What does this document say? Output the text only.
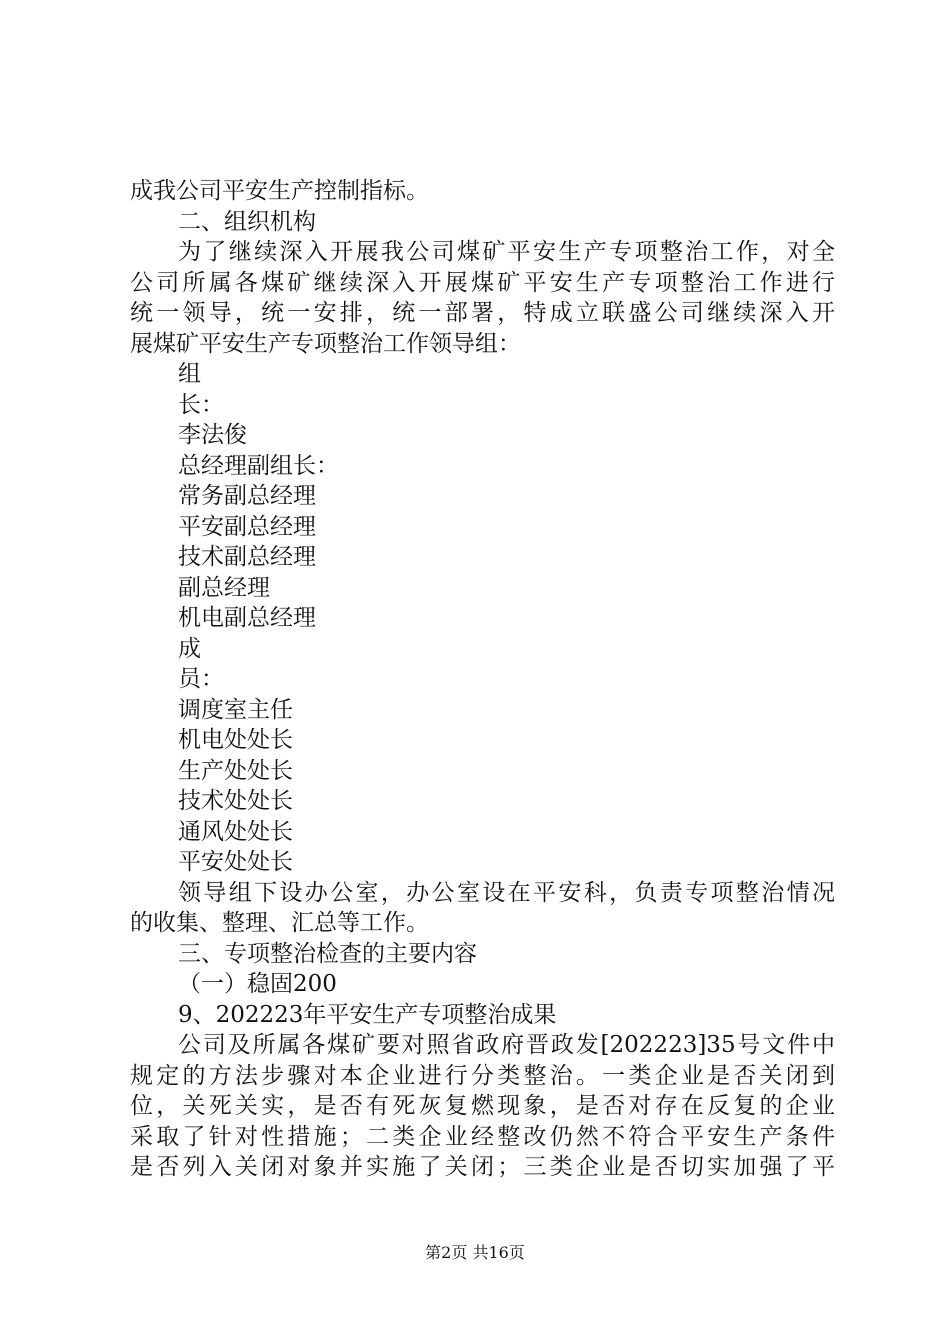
成我公司平安生产控制指标。
二、组织机构
为了继续深入开展我公司煤矿平安生产专项整治工作，对全
公司所属各煤矿继续深入开展煤矿平安生产专项整治工作进行
统一领导，统一安排，统一部署，特成立联盛公司继续深入开
展煤矿平安生产专项整治工作领导组：
组
长：
李法俊
总经理副组长：
常务副总经理
平安副总经理
技术副总经理
副总经理
机电副总经理
成
员：
调度室主任
机电处处长
生产处处长
技术处处长
通风处处长
平安处处长
领导组下设办公室，办公室设在平安科，负责专项整治情况
的收集、整理、汇总等工作。
三、专项整治检查的主要内容
（一）稳固200
9、202223年平安生产专项整治成果
公司及所属各煤矿要对照省政府晋政发[202223]35号文件中
规定的方法步骤对本企业进行分类整治。一类企业是否关闭到
位，关死关实，是否有死灰复燃现象，是否对存在反复的企业
采取了针对性措施；二类企业经整改仍然不符合平安生产条件
是否列入关闭对象并实施了关闭；三类企业是否切实加强了平
第2页 共16页
